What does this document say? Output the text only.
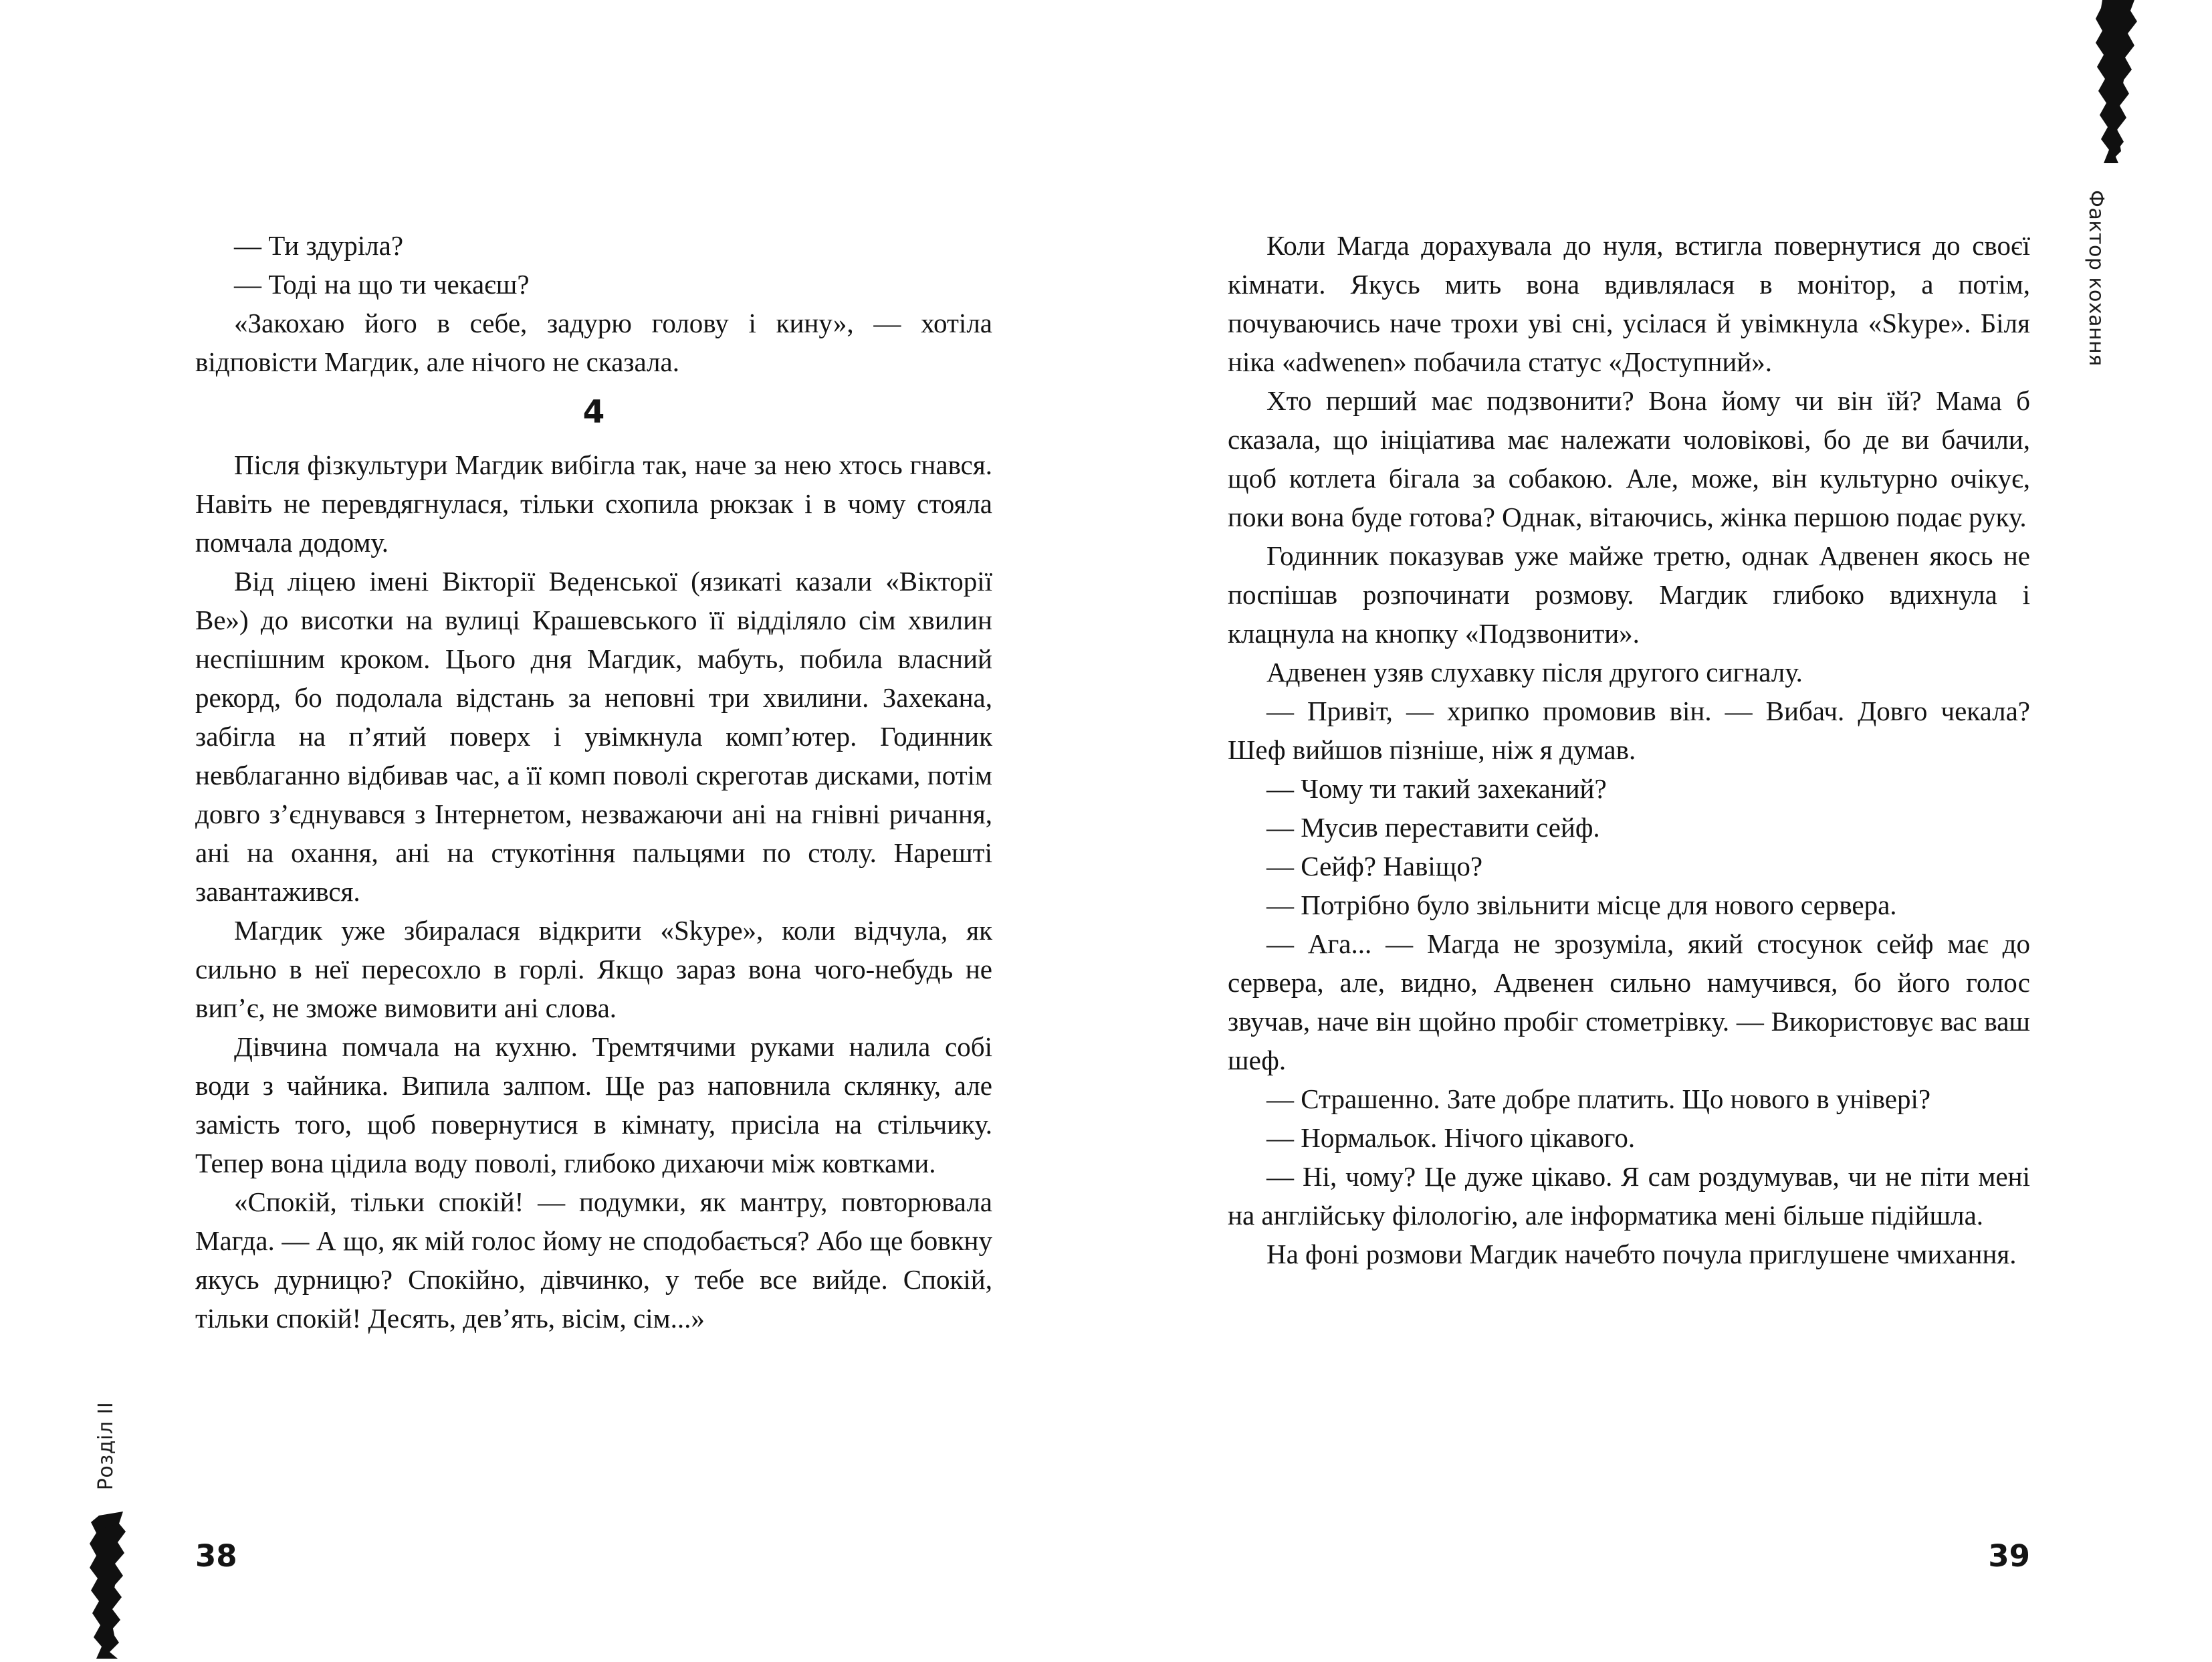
— Ти здуріла?

— Тоді на що ти чекаєш?

«Закохаю його в себе, задурю голову і кину», — хотіла відповісти Магдик, але нічого не сказала.

4

Після фізкультури Магдик вибігла так, наче за нею хтось гнався. Навіть не перевдягнулася, тільки схопила рюкзак і в чому стояла помчала додому.

Від ліцею імені Вікторії Веденської (язикаті казали «Вікторії Ве») до висотки на вулиці Крашевського її відділяло сім хвилин неспішним кроком. Цього дня Магдик, мабуть, побила власний рекорд, бо подолала відстань за неповні три хвилини. Захекана, забігла на п’ятий поверх і увімкнула комп’ютер. Годинник невблаганно відбивав час, а її комп поволі скреготав дисками, потім довго з’єднувався з Інтернетом, незважаючи ані на гнівні ричання, ані на охання, ані на стукотіння пальцями по столу. Нарешті завантажився.

Магдик уже збиралася відкрити «Skype», коли відчула, як сильно в неї пересохло в горлі. Якщо зараз вона чого-небудь не вип’є, не зможе вимовити ані слова.

Дівчина помчала на кухню. Тремтячими руками налила собі води з чайника. Випила залпом. Ще раз наповнила склянку, але замість того, щоб повернутися в кімнату, присіла на стільчику. Тепер вона цідила воду поволі, глибоко дихаючи між ковтками.

«Спокій, тільки спокій! — подумки, як мантру, повторювала Магда. — А що, як мій голос йому не сподобається? Або ще бовкну якусь дурницю? Спокійно, дівчинко, у тебе все вийде. Спокій, тільки спокій! Десять, дев’ять, вісім, сім...»

Розділ ІІ
38

Коли Магда дорахувала до нуля, встигла повернутися до своєї кімнати. Якусь мить вона вдивлялася в монітор, а потім, почуваючись наче трохи уві сні, усілася й увімкнула «Skype». Біля ніка «adwenen» побачила статус «Доступний».

Хто перший має подзвонити? Вона йому чи він їй? Мама б сказала, що ініціатива має належати чоловікові, бо де ви бачили, щоб котлета бігала за собакою. Але, може, він культурно очікує, поки вона буде готова? Однак, вітаючись, жінка першою подає руку.

Годинник показував уже майже третю, однак Адвенен якось не поспішав розпочинати розмову. Магдик глибоко вдихнула і клацнула на кнопку «Подзвонити».

Адвенен узяв слухавку після другого сигналу.

— Привіт, — хрипко промовив він. — Вибач. Довго чекала? Шеф вийшов пізніше, ніж я думав.

— Чому ти такий захеканий?

— Мусив переставити сейф.

— Сейф? Навіщо?

— Потрібно було звільнити місце для нового сервера.

— Ага... — Магда не зрозуміла, який стосунок сейф має до сервера, але, видно, Адвенен сильно намучився, бо його голос звучав, наче він щойно пробіг стометрівку. — Використовує вас ваш шеф.

— Страшенно. Зате добре платить. Що нового в універі?

— Нормальок. Нічого цікавого.

— Ні, чому? Це дуже цікаво. Я сам роздумував, чи не піти мені на англійську філологію, але інформатика мені більше підійшла.

На фоні розмови Магдик начебто почула приглушене чмихання.

Фактор кохання
39
